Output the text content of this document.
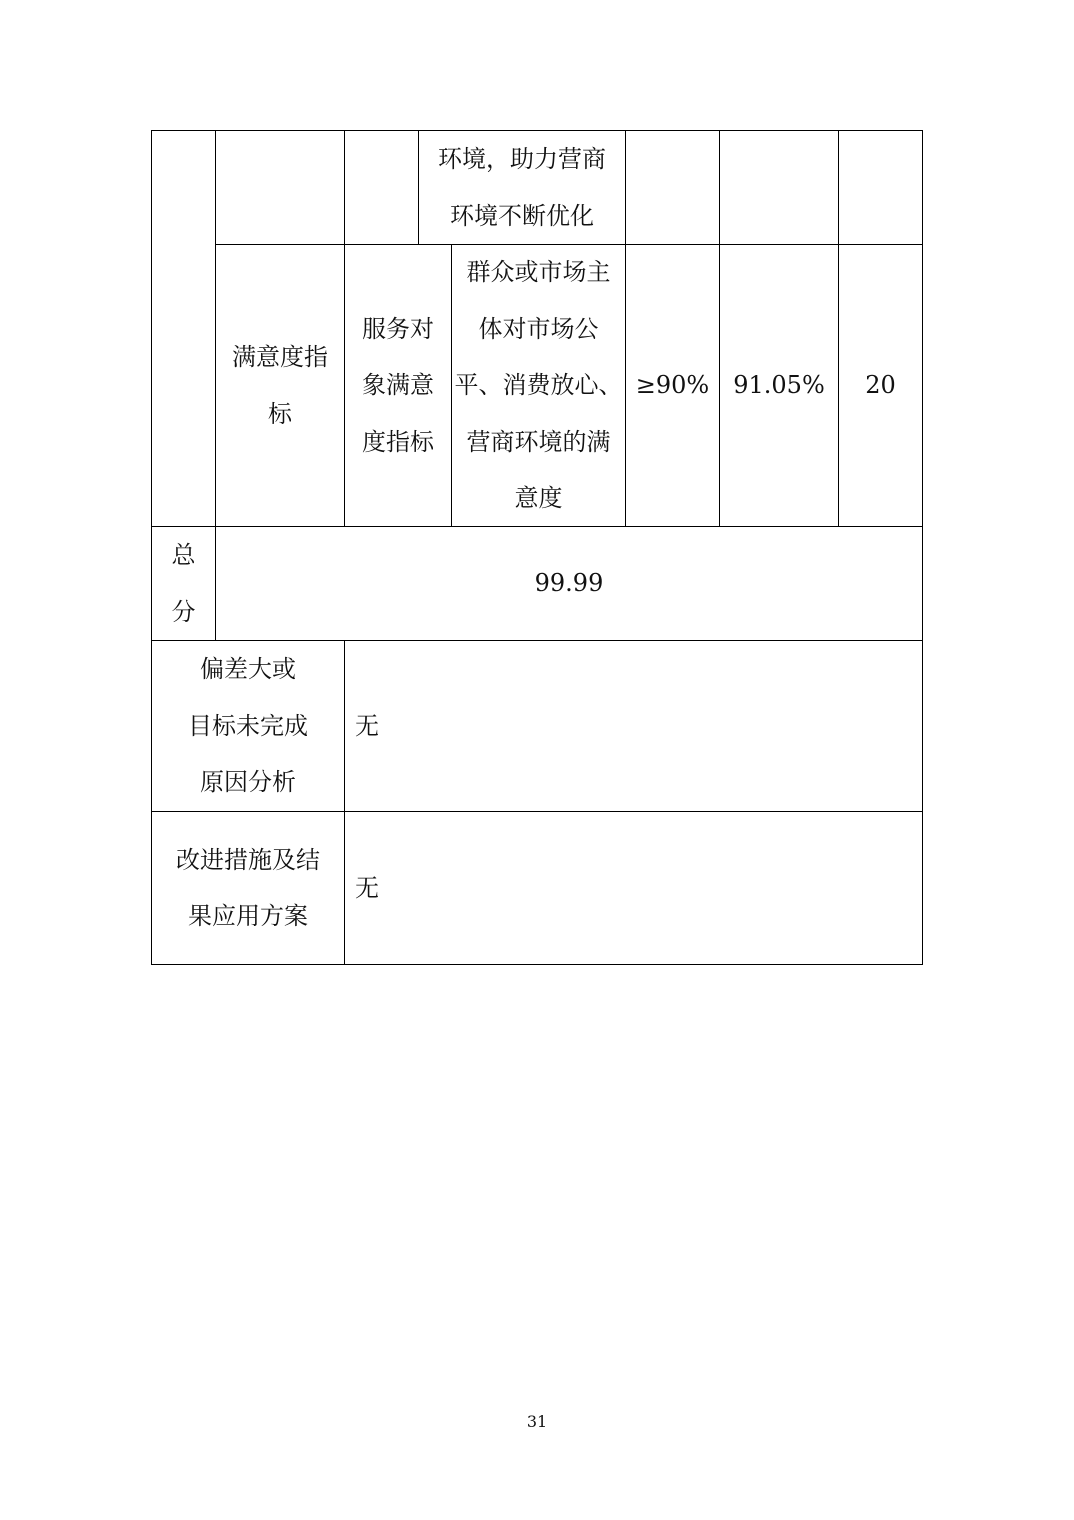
环境，助力营商
环境不断优化
满意度指
标
服务对
象满意
度指标
群众或市场主
体对市场公
平、消费放心、
营商环境的满
意度
≥90% 91.05% 20
总
分
99.99
偏差大或
目标未完成
原因分析
无
改进措施及结
果应用方案
无
31
